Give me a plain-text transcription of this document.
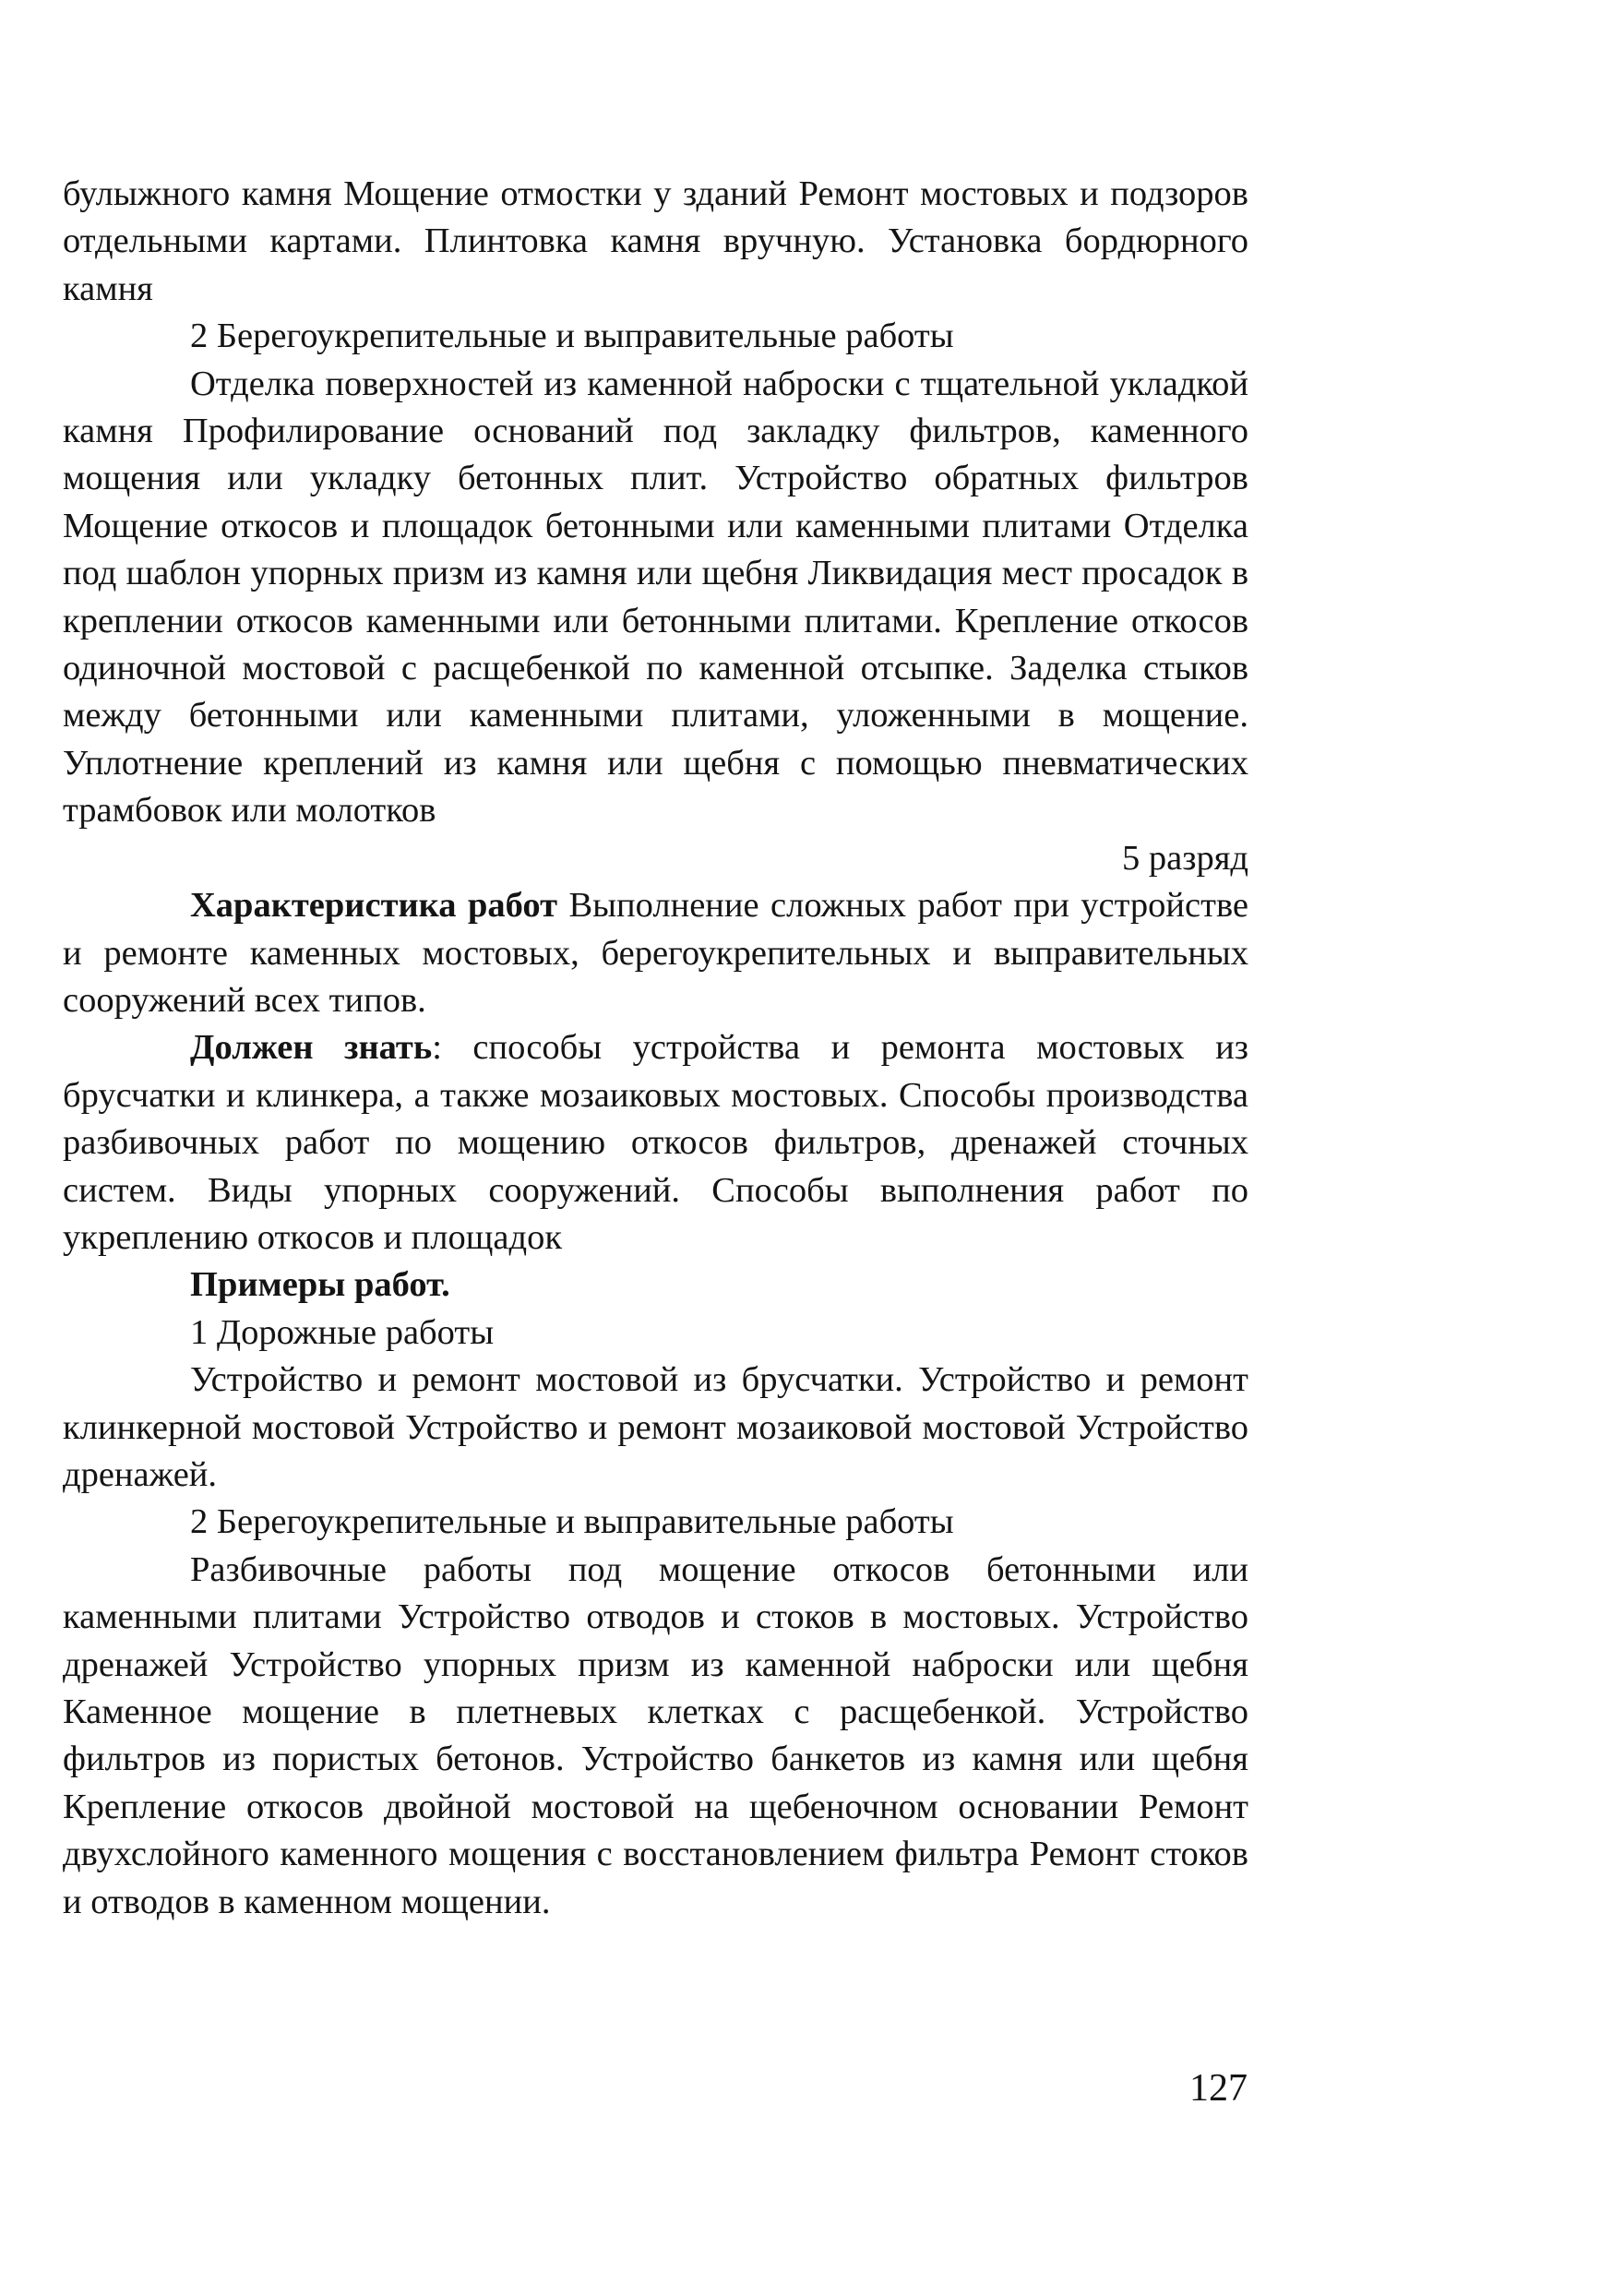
булыжного камня Мощение отмостки у зданий Ремонт мостовых и подзоров отдельными картами. Плинтовка камня вручную. Установка бордюрного камня

2 Берегоукрепительные и выправительные работы

Отделка поверхностей из каменной наброски с тщательной укладкой камня Профилирование оснований под закладку фильтров, каменного мощения или укладку бетонных плит. Устройство обратных фильтров Мощение откосов и площадок бетонными или каменными плитами Отделка под шаблон упорных призм из камня или щебня Ликвидация мест просадок в креплении откосов каменными или бетонными плитами. Крепление откосов одиночной мостовой с расщебенкой по каменной отсыпке. Заделка стыков между бетонными или каменными плитами, уложенными в мощение. Уплотнение креплений из камня или щебня с помощью пневматических трамбовок или молотков

5 разряд

Характеристика работ Выполнение сложных работ при устройстве и ремонте каменных мостовых, берегоукрепительных и выправительных сооружений всех типов.

Должен знать: способы устройства и ремонта мостовых из брусчатки и клинкера, а также мозаиковых мостовых. Способы производства разбивочных работ по мощению откосов фильтров, дренажей сточных систем. Виды упорных сооружений. Способы выполнения работ по укреплению откосов и площадок

Примеры работ.

1 Дорожные работы

Устройство и ремонт мостовой из брусчатки. Устройство и ремонт клинкерной мостовой Устройство и ремонт мозаиковой мостовой Устройство дренажей.

2 Берегоукрепительные и выправительные работы

Разбивочные работы под мощение откосов бетонными или каменными плитами Устройство отводов и стоков в мостовых. Устройство дренажей Устройство упорных призм из каменной наброски или щебня Каменное мощение в плетневых клетках с расщебенкой. Устройство фильтров из пористых бетонов. Устройство банкетов из камня или щебня Крепление откосов двойной мостовой на щебеночном основании Ремонт двухслойного каменного мощения с восстановлением фильтра Ремонт стоков и отводов в каменном мощении.

127
